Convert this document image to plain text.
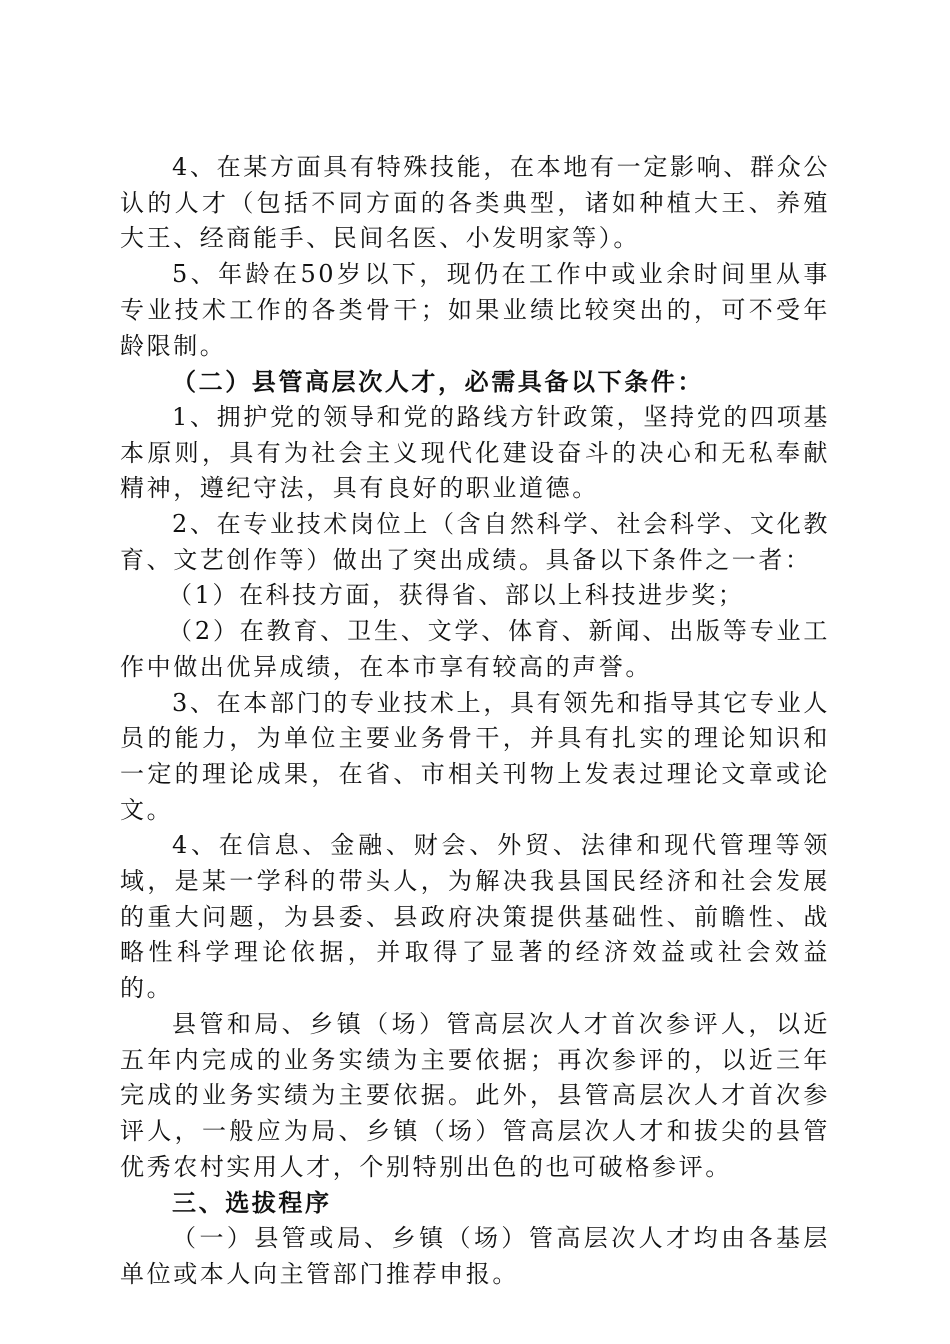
4、在某方面具有特殊技能，在本地有一定影响、群众公认的人才（包括不同方面的各类典型，诸如种植大王、养殖大王、经商能手、民间名医、小发明家等）。

5、年龄在50岁以下，现仍在工作中或业余时间里从事专业技术工作的各类骨干；如果业绩比较突出的，可不受年龄限制。

（二）县管高层次人才，必需具备以下条件：

1、拥护党的领导和党的路线方针政策，坚持党的四项基本原则，具有为社会主义现代化建设奋斗的决心和无私奉献精神，遵纪守法，具有良好的职业道德。

2、在专业技术岗位上（含自然科学、社会科学、文化教育、文艺创作等）做出了突出成绩。具备以下条件之一者：

（1）在科技方面，获得省、部以上科技进步奖；

（2）在教育、卫生、文学、体育、新闻、出版等专业工作中做出优异成绩，在本市享有较高的声誉。

3、在本部门的专业技术上，具有领先和指导其它专业人员的能力，为单位主要业务骨干，并具有扎实的理论知识和一定的理论成果，在省、市相关刊物上发表过理论文章或论文。

4、在信息、金融、财会、外贸、法律和现代管理等领域，是某一学科的带头人，为解决我县国民经济和社会发展的重大问题，为县委、县政府决策提供基础性、前瞻性、战略性科学理论依据，并取得了显著的经济效益或社会效益的。

县管和局、乡镇（场）管高层次人才首次参评人，以近五年内完成的业务实绩为主要依据；再次参评的，以近三年完成的业务实绩为主要依据。此外，县管高层次人才首次参评人，一般应为局、乡镇（场）管高层次人才和拔尖的县管优秀农村实用人才，个别特别出色的也可破格参评。

三、选拔程序

（一）县管或局、乡镇（场）管高层次人才均由各基层单位或本人向主管部门推荐申报。
